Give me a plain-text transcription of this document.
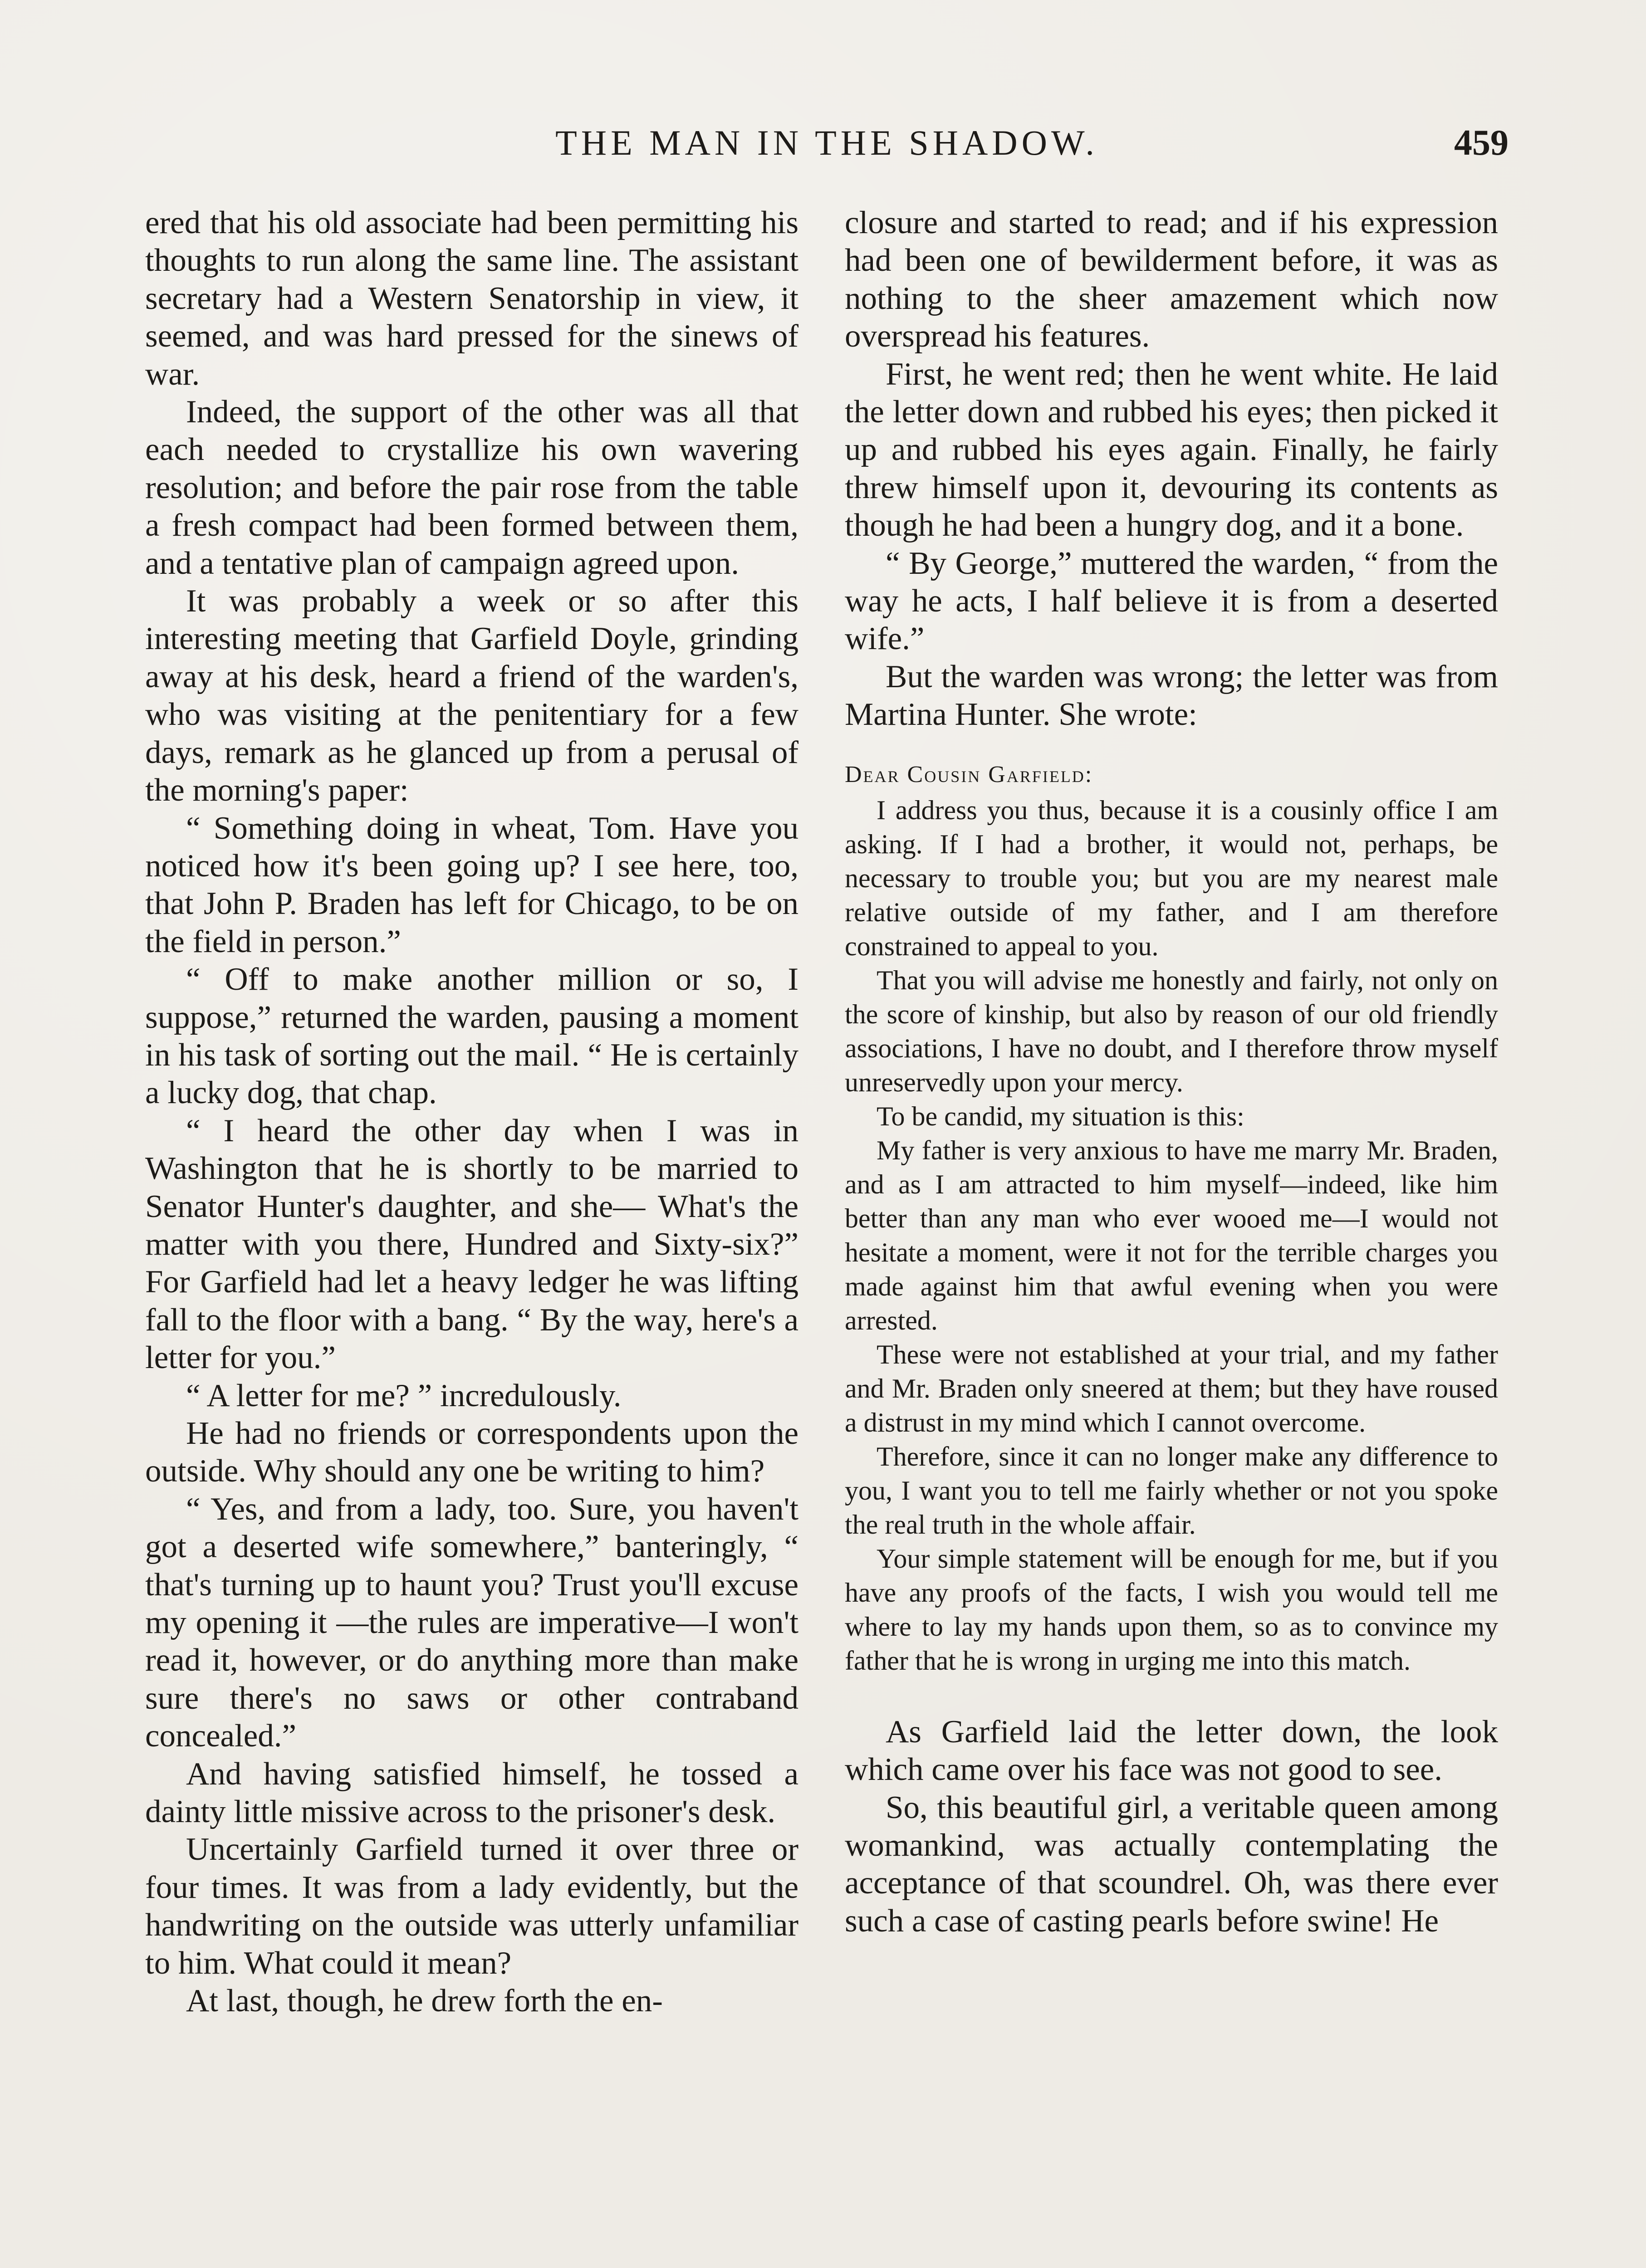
THE MAN IN THE SHADOW.	459

ered that his old associate had been permitting his thoughts to run along the same line. The assistant secretary had a Western Senatorship in view, it seemed, and was hard pressed for the sinews of war.

Indeed, the support of the other was all that each needed to crystallize his own wavering resolution; and before the pair rose from the table a fresh compact had been formed between them, and a tentative plan of campaign agreed upon.

It was probably a week or so after this interesting meeting that Garfield Doyle, grinding away at his desk, heard a friend of the warden's, who was visiting at the penitentiary for a few days, remark as he glanced up from a perusal of the morning's paper:

“ Something doing in wheat, Tom. Have you noticed how it's been going up? I see here, too, that John P. Braden has left for Chicago, to be on the field in person.”

“ Off to make another million or so, I suppose,” returned the warden, pausing a moment in his task of sorting out the mail. “ He is certainly a lucky dog, that chap.

“ I heard the other day when I was in Washington that he is shortly to be married to Senator Hunter's daughter, and she— What's the matter with you there, Hundred and Sixty-six?” For Garfield had let a heavy ledger he was lifting fall to the floor with a bang. “ By the way, here's a letter for you.”

“ A letter for me? ” incredulously.

He had no friends or correspondents upon the outside. Why should any one be writing to him?

“ Yes, and from a lady, too. Sure, you haven't got a deserted wife somewhere,” banteringly, “ that's turning up to haunt you? Trust you'll excuse my opening it —the rules are imperative—I won't read it, however, or do anything more than make sure there's no saws or other contraband concealed.”

And having satisfied himself, he tossed a dainty little missive across to the prisoner's desk.

Uncertainly Garfield turned it over three or four times. It was from a lady evidently, but the handwriting on the outside was utterly unfamiliar to him. What could it mean?

At last, though, he drew forth the en-

closure and started to read; and if his expression had been one of bewilderment before, it was as nothing to the sheer amazement which now overspread his features.

First, he went red; then he went white. He laid the letter down and rubbed his eyes; then picked it up and rubbed his eyes again. Finally, he fairly threw himself upon it, devouring its contents as though he had been a hungry dog, and it a bone.

“ By George,” muttered the warden, “ from the way he acts, I half believe it is from a deserted wife.”

But the warden was wrong; the letter was from Martina Hunter. She wrote:

Dear Cousin Garfield:

I address you thus, because it is a cousinly office I am asking. If I had a brother, it would not, perhaps, be necessary to trouble you; but you are my nearest male relative outside of my father, and I am therefore constrained to appeal to you.

That you will advise me honestly and fairly, not only on the score of kinship, but also by reason of our old friendly associations, I have no doubt, and I therefore throw myself unreservedly upon your mercy.

To be candid, my situation is this:

My father is very anxious to have me marry Mr. Braden, and as I am attracted to him myself—indeed, like him better than any man who ever wooed me—I would not hesitate a moment, were it not for the terrible charges you made against him that awful evening when you were arrested.

These were not established at your trial, and my father and Mr. Braden only sneered at them; but they have roused a distrust in my mind which I cannot overcome.

Therefore, since it can no longer make any difference to you, I want you to tell me fairly whether or not you spoke the real truth in the whole affair.

Your simple statement will be enough for me, but if you have any proofs of the facts, I wish you would tell me where to lay my hands upon them, so as to convince my father that he is wrong in urging me into this match.

As Garfield laid the letter down, the look which came over his face was not good to see.

So, this beautiful girl, a veritable queen among womankind, was actually contemplating the acceptance of that scoundrel. Oh, was there ever such a case of casting pearls before swine! He
